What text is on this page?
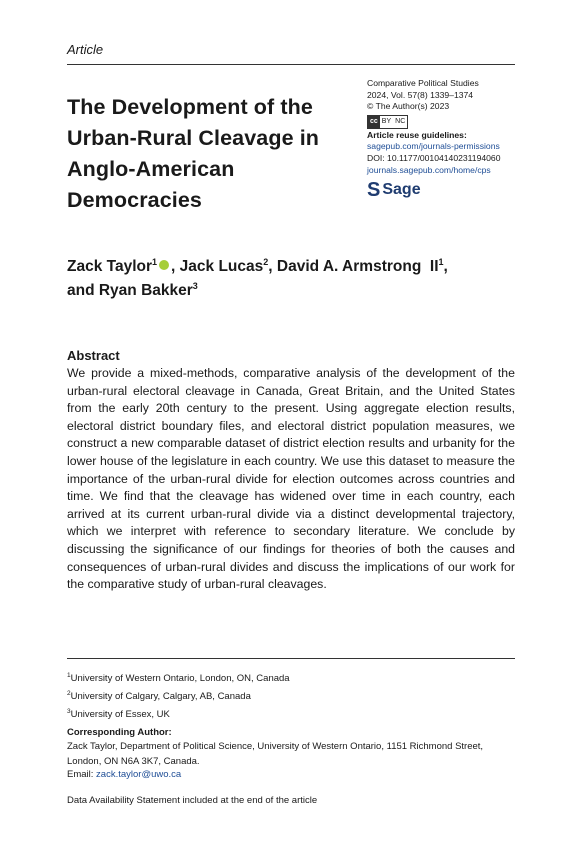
Article
The Development of the Urban-Rural Cleavage in Anglo-American Democracies
Comparative Political Studies
2024, Vol. 57(8) 1339–1374
© The Author(s) 2023
cc BY NC
Article reuse guidelines:
sagepub.com/journals-permissions
DOI: 10.1177/00104140231194060
journals.sagepub.com/home/cps
S Sage
Zack Taylor$^1$ , Jack Lucas$^2$, David A. Armstrong  $II^1$,
and Ryan Bakker$^3$
Abstract
We provide a mixed-methods, comparative analysis of the development of the urban-rural electoral cleavage in Canada, Great Britain, and the United States from the early 20th century to the present. Using aggregate election results, electoral district boundary files, and electoral district population measures, we construct a new comparable dataset of district election results and urbanity for the lower house of the legislature in each country. We use this dataset to measure the importance of the urban-rural divide for election outcomes across countries and time. We find that the cleavage has widened over time in each country, each arrived at its current urban-rural divide via a distinct developmental trajectory, which we interpret with reference to secondary literature. We conclude by discussing the significance of our findings for theories of both the causes and consequences of urban-rural divides and discuss the implications of our work for the comparative study of urban-rural cleavages.
$^1$University of Western Ontario, London, ON, Canada
$^2$University of Calgary, Calgary, AB, Canada
$^3$University of Essex, UK
Corresponding Author:
Zack Taylor, Department of Political Science, University of Western Ontario, 1151 Richmond Street, London, ON N6A 3K7, Canada.
Email: zack.taylor@uwo.ca
Data Availability Statement included at the end of the article
